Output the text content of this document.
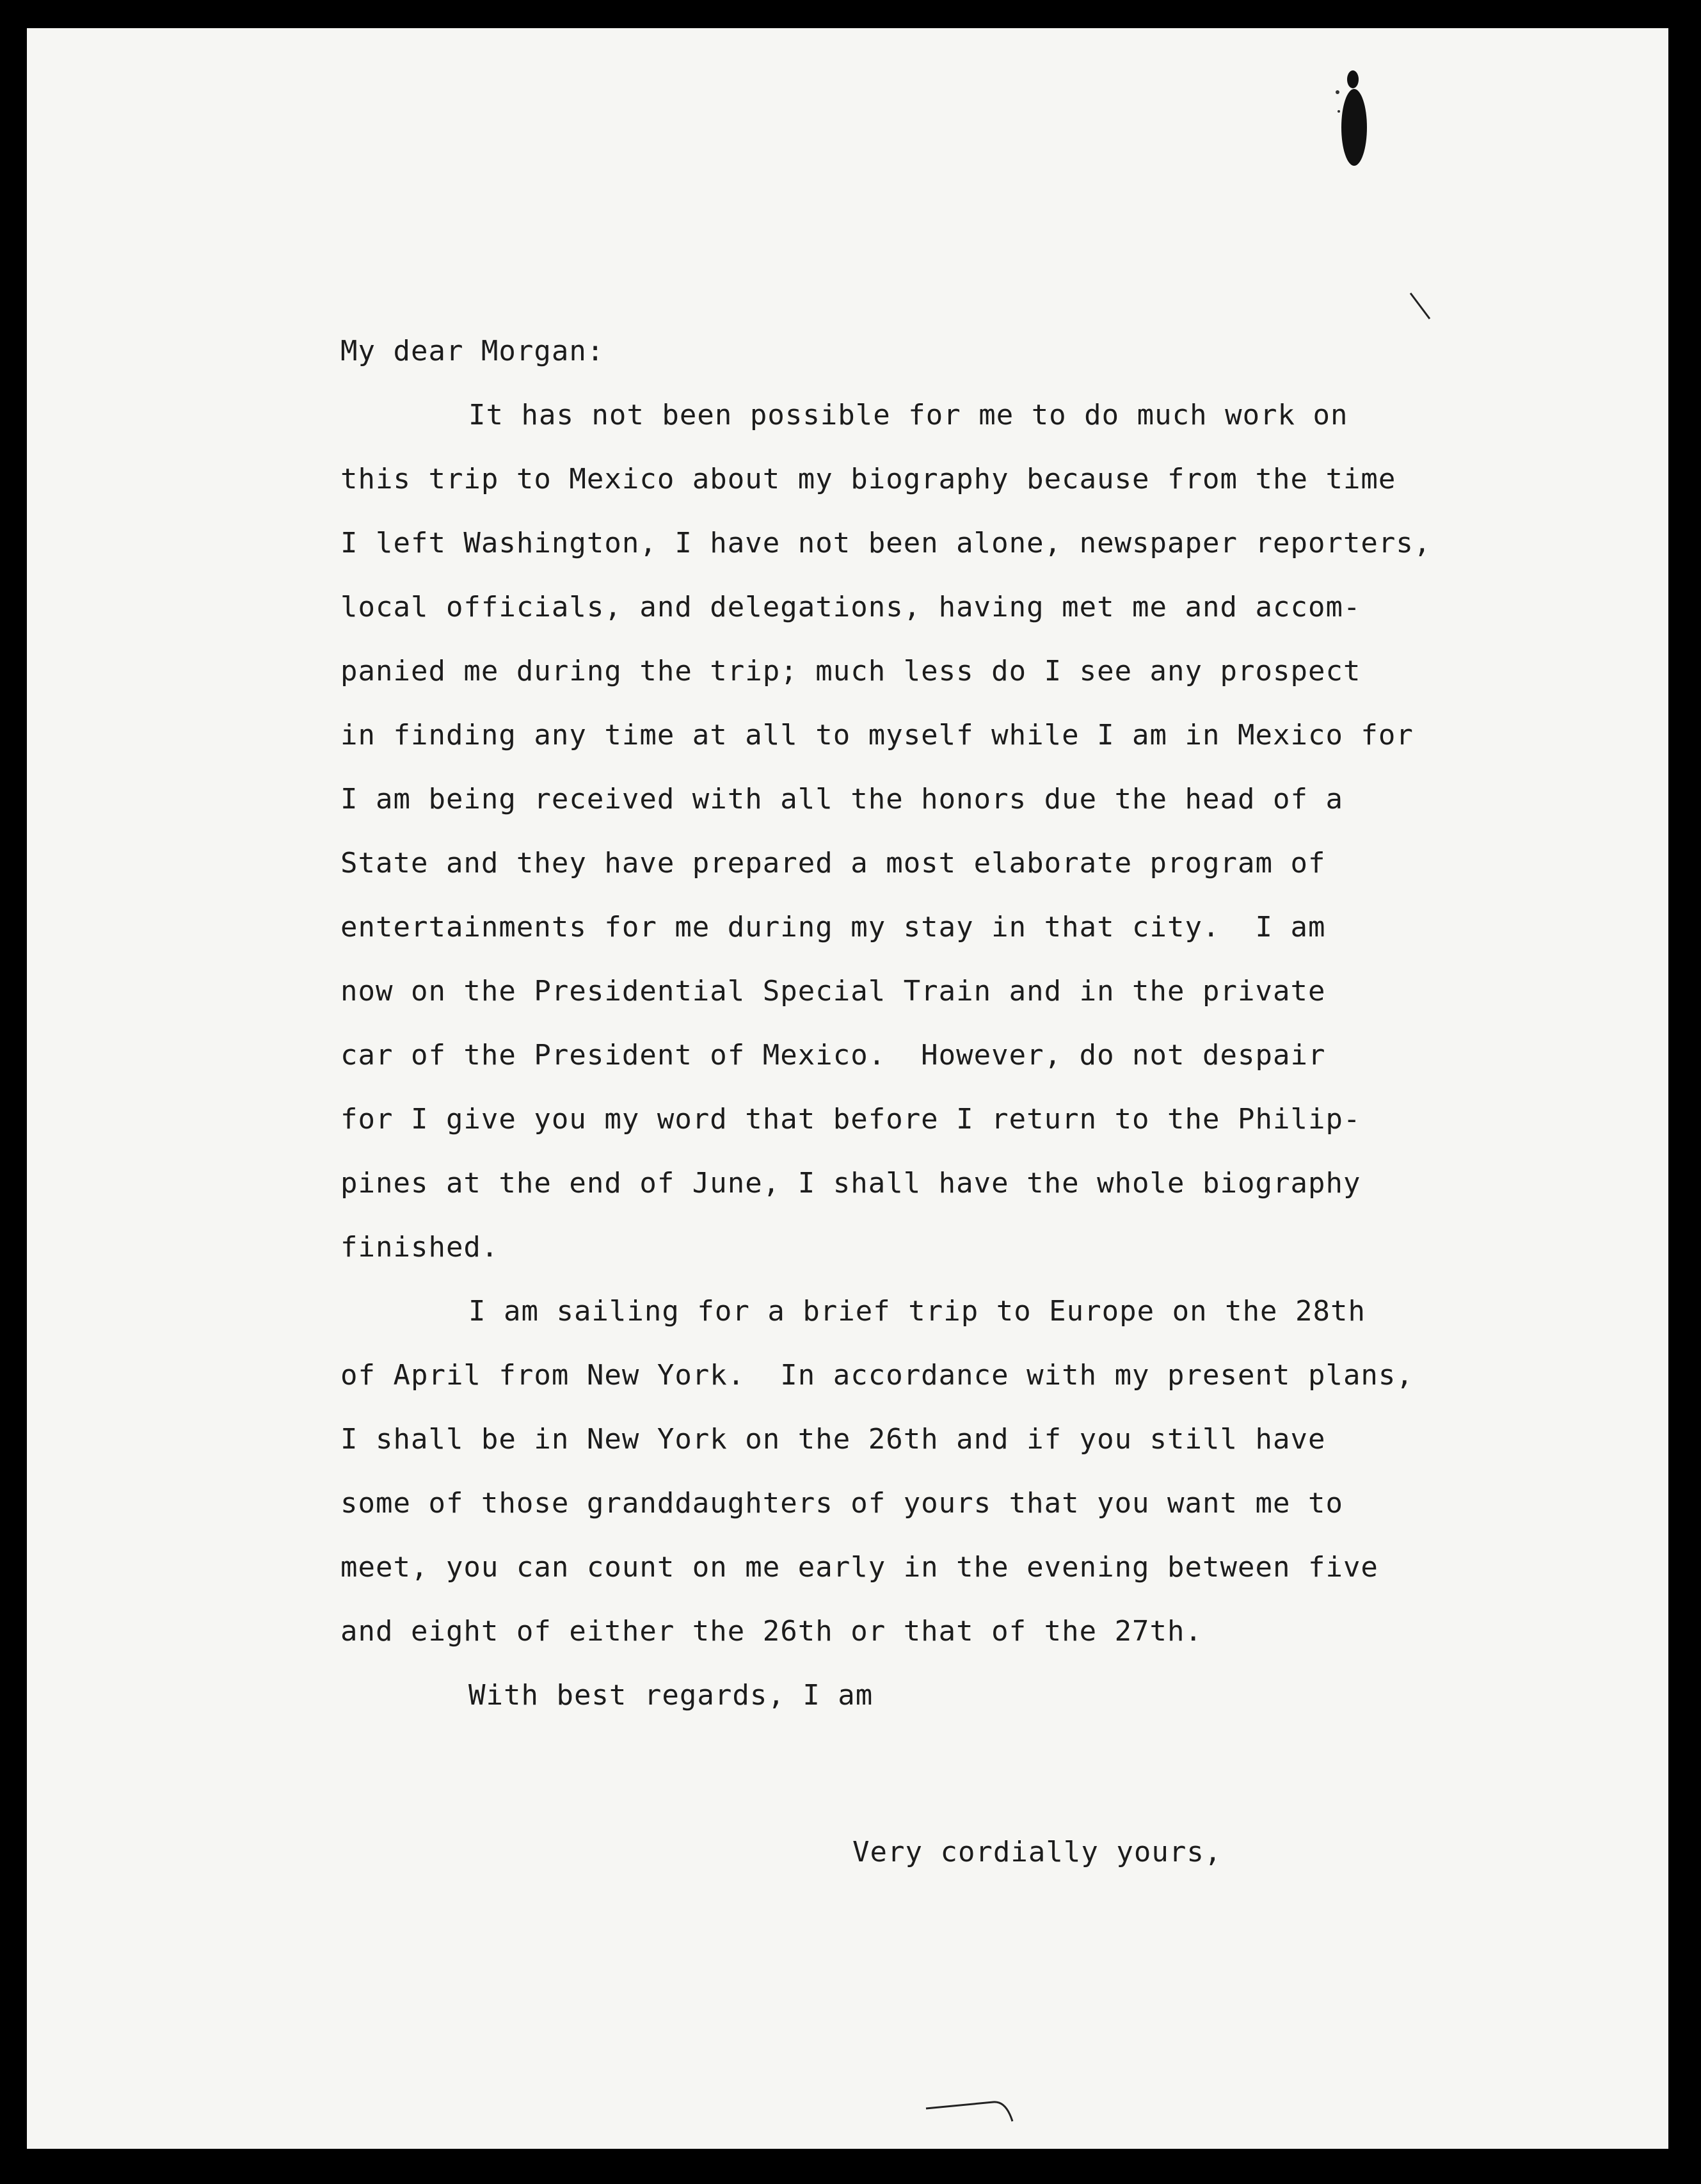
My dear Morgan:
It has not been possible for me to do much work on
this trip to Mexico about my biography because from the time
I left Washington, I have not been alone, newspaper reporters,
local officials, and delegations, having met me and accom-
panied me during the trip; much less do I see any prospect
in finding any time at all to myself while I am in Mexico for
I am being received with all the honors due the head of a
State and they have prepared a most elaborate program of
entertainments for me during my stay in that city.  I am
now on the Presidential Special Train and in the private
car of the President of Mexico.  However, do not despair
for I give you my word that before I return to the Philip-
pines at the end of June, I shall have the whole biography
finished.
I am sailing for a brief trip to Europe on the 28th
of April from New York.  In accordance with my present plans,
I shall be in New York on the 26th and if you still have
some of those granddaughters of yours that you want me to
meet, you can count on me early in the evening between five
and eight of either the 26th or that of the 27th.
With best regards, I am
Very cordially yours,
